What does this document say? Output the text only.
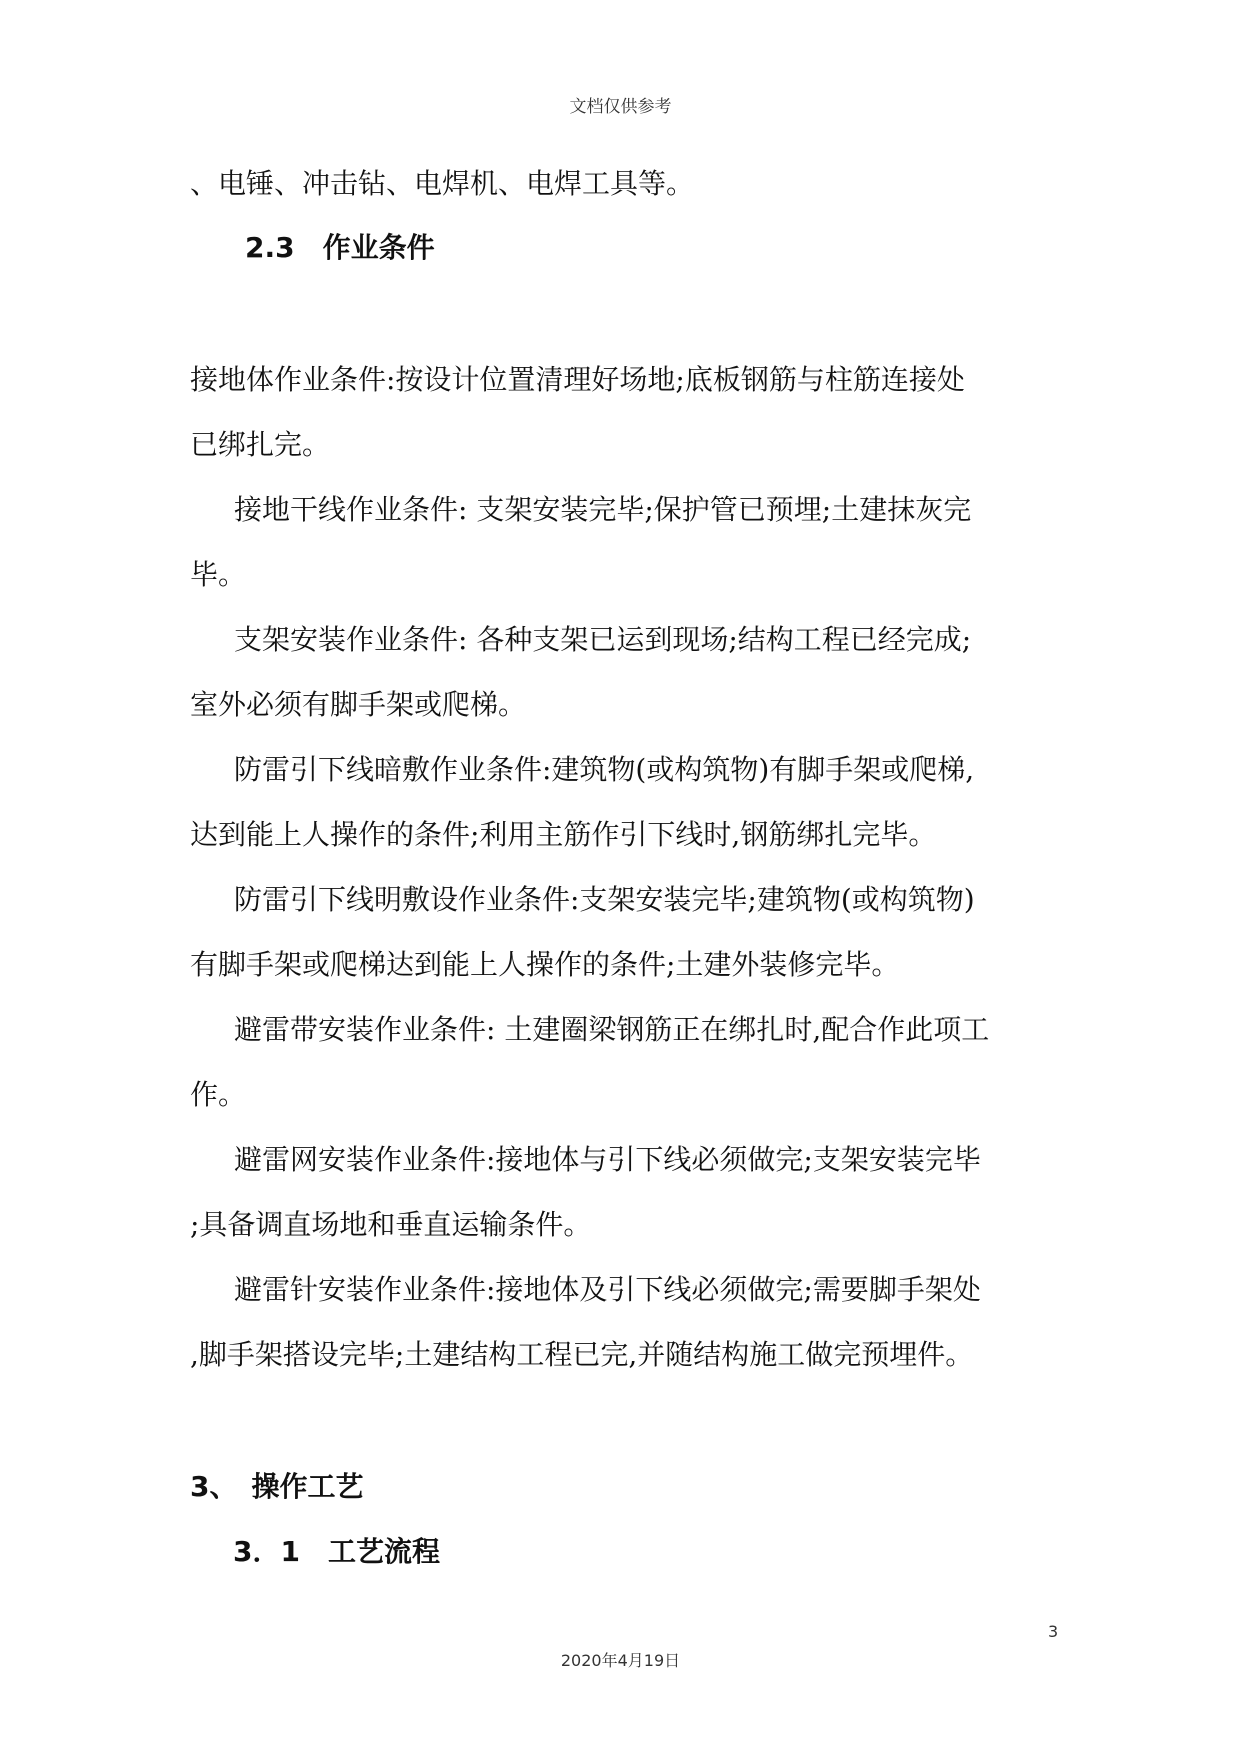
文档仅供参考
、电锤、冲击钻、电焊机、电焊工具等。
2.3　作业条件
接地体作业条件:按设计位置清理好场地;底板钢筋与柱筋连接处
已绑扎完。
接地干线作业条件: 支架安装完毕;保护管已预埋;土建抹灰完
毕。
支架安装作业条件: 各种支架已运到现场;结构工程已经完成;
室外必须有脚手架或爬梯。
防雷引下线暗敷作业条件:建筑物(或构筑物)有脚手架或爬梯,
达到能上人操作的条件;利用主筋作引下线时,钢筋绑扎完毕。
防雷引下线明敷设作业条件:支架安装完毕;建筑物(或构筑物)
有脚手架或爬梯达到能上人操作的条件;土建外装修完毕。
避雷带安装作业条件: 土建圈梁钢筋正在绑扎时,配合作此项工
作。
避雷网安装作业条件:接地体与引下线必须做完;支架安装完毕
;具备调直场地和垂直运输条件。
避雷针安装作业条件:接地体及引下线必须做完;需要脚手架处
,脚手架搭设完毕;土建结构工程已完,并随结构施工做完预埋件。
3、　操作工艺
3．1　工艺流程
3
2020年4月19日
